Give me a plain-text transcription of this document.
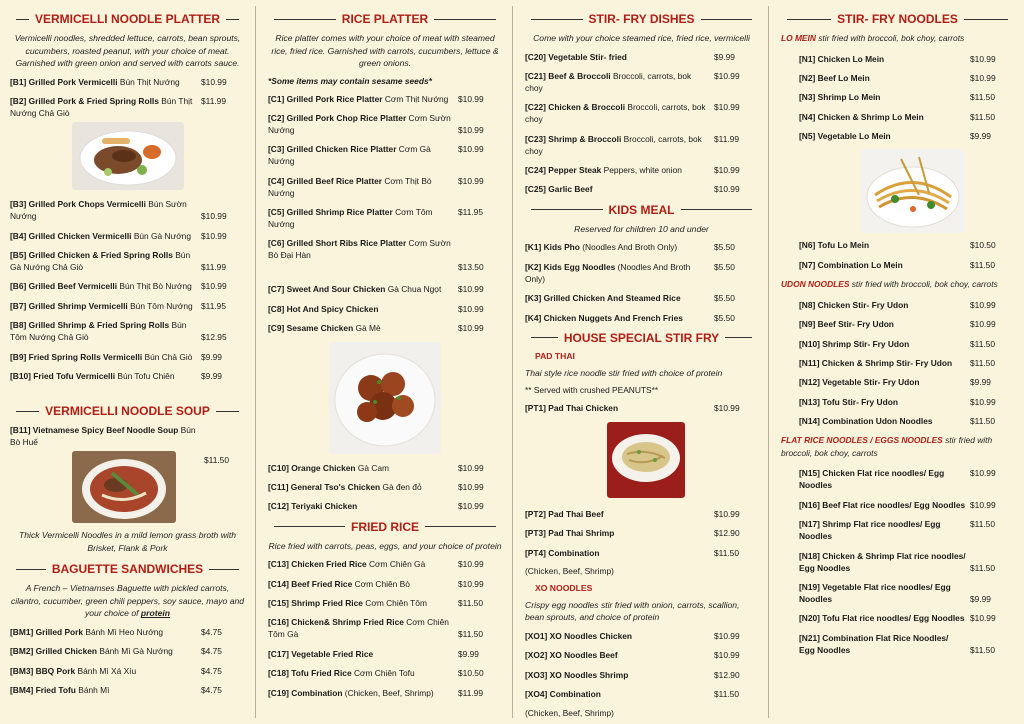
VERMICELLI NOODLE PLATTER
Vermicelli noodles, shredded lettuce, carrots, bean sprouts, cucumbers, roasted peanut, with your choice of meat. Garnished with green onion and served with carrots sauce.
[B1] Grilled Pork Vermicelli Bún Thịt Nướng	$10.99
[B2] Grilled Pork & Fried Spring Rolls Bún Thịt Nướng Chả Giò
$11.99
[B3] Grilled Pork Chops Vermicelli Bún Sườn Nướng	$10.99
[B4] Grilled Chicken Vermicelli Bún Gà Nướng	$10.99
[B5] Grilled Chicken & Fried Spring Rolls Bún Gà Nướng Chả Giò	$11.99
[B6] Grilled Beef Vermicelli Bún Thịt Bò Nướng	$10.99
[B7] Grilled Shrimp Vermicelli Bún Tôm Nướng $11.95
[B8] Grilled Shrimp & Fried Spring Rolls Bún Tôm Nướng Chả Giò	$12.95
[B9] Fried Spring Rolls Vermicelli Bún Chả Giò	$9.99
[B10] Fried Tofu Vermicelli Bún Tofu Chiên	$9.99
VERMICELLI NOODLE SOUP
[B11] Vietnamese Spicy Beef Noodle Soup Bún Bò Huế
$11.50
Thick Vermicelli Noodles in a mild lemon grass broth with Brisket, Flank & Pork
BAGUETTE SANDWICHES
A French – Vietnamses Baguette with pickled carrots, cilantro, cucumber, green chili peppers, soy sauce, mayo and your choice of protein
[BM1] Grilled Pork Bánh Mì Heo Nướng	$4.75
[BM2] Grilled Chicken Bánh Mì Gà Nướng	$4.75
[BM3] BBQ Pork Bánh Mì Xá Xíu	$4.75
[BM4] Fried Tofu Bánh Mì	$4.75
RICE PLATTER
Rice platter comes with your choice of meat with steamed rice, fried rice. Garnished with carrots, cucumbers, lettuce & green onions.
*Some items may contain sesame seeds*
[C1] Grilled Pork Rice Platter Cơm Thịt Nướng	$10.99
[C2] Grilled Pork Chop Rice Platter Cơm Sườn Nướng	$10.99
[C3] Grilled Chicken Rice Platter Cơm Gà Nướng
$10.99
[C4] Grilled Beef Rice Platter Cơm Thịt Bò Nướng
$10.99
[C5] Grilled Shrimp Rice Platter Cơm Tôm Nướng
$11.95
[C6] Grilled Short Ribs Rice Platter Cơm Sườn Bò Đại Hàn

$13.50
[C7] Sweet And Sour Chicken Gà Chua Ngọt	$10.99
[C8] Hot And Spicy Chicken	$10.99
[C9] Sesame Chicken Gà Mè	$10.99
[C10] Orange Chicken Gà Cam	$10.99
[C11] General Tso's Chicken Gà đen đỏ	$10.99
[C12] Teriyaki Chicken	$10.99
FRIED RICE
Rice fried with carrots, peas, eggs, and your choice of protein
[C13] Chicken Fried Rice Cơm Chiên Gà	$10.99
[C14] Beef Fried Rice Cơm Chiên Bò	$10.99
[C15] Shrimp Fried Rice Cơm Chiên Tôm	$11.50
[C16] Chicken& Shrimp Fried Rice Cơm Chiên Tôm Gà	$11.50
[C17] Vegetable Fried Rice	$9.99
[C18] Tofu Fried Rice Cơm Chiên Tofu	$10.50
[C19] Combination (Chicken, Beef, Shrimp)	$11.99
STIR- FRY DISHES
Come with your choice steamed rice, fried rice, vermicelli
[C20] Vegetable Stir- fried	$9.99
[C21] Beef & Broccoli Broccoli, carrots, bok choy
$10.99
[C22] Chicken & Broccoli Broccoli, carrots, bok choy
$10.99
[C23] Shrimp & Broccoli Broccoli, carrots, bok choy
$11.99
[C24] Pepper Steak Peppers, white onion	$10.99
[C25] Garlic Beef	$10.99
KIDS MEAL
Reserved for children 10 and under
[K1] Kids Pho (Noodles And Broth Only)	$5.50
[K2] Kids Egg Noodles (Noodles And Broth Only)
$5.50
[K3] Grilled Chicken And Steamed Rice	$5.50
[K4] Chicken Nuggets And French Fries	$5.50
HOUSE SPECIAL STIR FRY
PAD THAI
Thai style rice noodle stir fried with choice of protein
** Served with crushed PEANUTS**
[PT1] Pad Thai Chicken	$10.99
[PT2] Pad Thai Beef	$10.99
[PT3] Pad Thai Shrimp	$12.90
[PT4] Combination	$11.50
(Chicken, Beef, Shrimp)
XO NOODLES
Crispy egg noodles stir fried with onion, carrots, scallion, bean sprouts, and choice of protein
[XO1] XO Noodles Chicken	$10.99
[XO2] XO Noodles Beef	$10.99
[XO3] XO Noodles Shrimp	$12.90
[XO4] Combination	$11.50
(Chicken, Beef, Shrimp)
STIR- FRY NOODLES
LO MEIN stir fried with broccoli, bok choy, carrots
[N1] Chicken Lo Mein	$10.99
[N2] Beef Lo Mein	$10.99
[N3] Shrimp Lo Mein	$11.50
[N4] Chicken & Shrimp Lo Mein	$11.50
[N5] Vegetable Lo Mein	$9.99
[N6] Tofu Lo Mein	$10.50
[N7] Combination Lo Mein	$11.50
UDON NOODLES stir fried with broccoli, bok choy, carrots
[N8] Chicken Stir- Fry Udon	$10.99
[N9] Beef Stir- Fry Udon	$10.99
[N10] Shrimp Stir- Fry Udon	$11.50
[N11] Chicken & Shrimp Stir- Fry Udon	$11.50
[N12] Vegetable Stir- Fry Udon	$9.99
[N13] Tofu Stir- Fry Udon	$10.99
[N14] Combination Udon Noodles	$11.50
FLAT RICE NOODLES / EGGS NOODLES stir fried with broccoli, bok choy, carrots
[N15] Chicken Flat rice noodles/ Egg Noodles
$10.99
[N16] Beef Flat rice noodles/ Egg Noodles $10.99
[N17] Shrimp Flat rice noodles/ Egg Noodles
$11.50
[N18] Chicken & Shrimp Flat rice noodles/ Egg Noodles	$11.50
[N19] Vegetable Flat rice noodles/ Egg Noodles	$9.99
[N20] Tofu Flat rice noodles/ Egg Noodles $10.99
[N21] Combination Flat Rice Noodles/ Egg Noodles	$11.50
